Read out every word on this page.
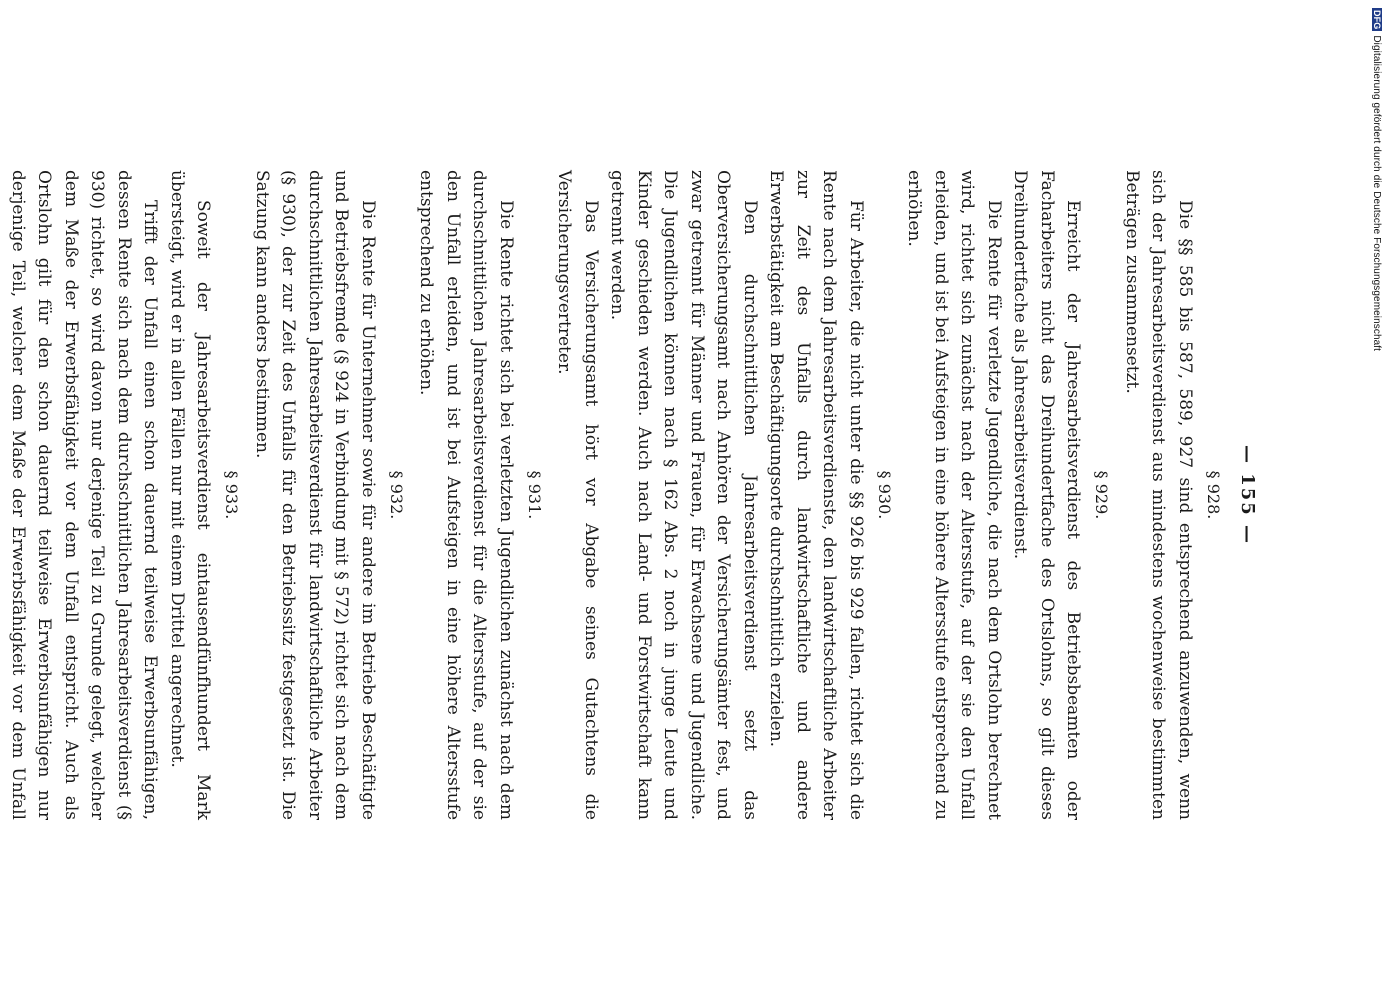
— 155 —
§ 928.

Die §§ 585 bis 587, 589, 927 sind entsprechend anzuwenden, wenn sich der Jahresarbeitsverdienst aus mindestens wochenweise bestimmten Beträgen zusammensetzt.

§ 929.

Erreicht der Jahresarbeitsverdienst des Betriebsbeamten oder Facharbeiters nicht das Dreihundertfache des Ortslohns, so gilt dieses Dreihundertfache als Jahresarbeitsverdienst.

Die Rente für verletzte Jugendliche, die nach dem Ortslohn berechnet wird, richtet sich zunächst nach der Altersstufe, auf der sie den Unfall erleiden, und ist bei Aufsteigen in eine höhere Altersstufe entsprechend zu erhöhen.

§ 930.

Für Arbeiter, die nicht unter die §§ 926 bis 929 fallen, richtet sich die Rente nach dem Jahresarbeitsverdienste, den landwirtschaftliche Arbeiter zur Zeit des Unfalls durch landwirtschaftliche und andere Erwerbstätigkeit am Beschäftigungsorte durchschnittlich erzielen.

Den durchschnittlichen Jahresarbeitsverdienst setzt das Oberversicherungsamt nach Anhören der Versicherungsämter fest, und zwar getrennt für Männer und Frauen, für Erwachsene und Jugendliche. Die Jugendlichen können nach § 162 Abs. 2 noch in junge Leute und Kinder geschieden werden. Auch nach Land- und Forstwirtschaft kann getrennt werden.

Das Versicherungsamt hört vor Abgabe seines Gutachtens die Versicherungsvertreter.

§ 931.

Die Rente richtet sich bei verletzten Jugendlichen zunächst nach dem durchschnittlichen Jahresarbeitsverdienst für die Altersstufe, auf der sie den Unfall erleiden, und ist bei Aufsteigen in eine höhere Altersstufe entsprechend zu erhöhen.

§ 932.

Die Rente für Unternehmer sowie für andere im Betriebe Beschäftigte und Betriebsfremde (§ 924 in Verbindung mit § 572) richtet sich nach dem durchschnittlichen Jahresarbeitsverdienst für landwirtschaftliche Arbeiter (§ 930), der zur Zeit des Unfalls für den Betriebssitz festgesetzt ist. Die Satzung kann anders bestimmen.

§ 933.

Soweit der Jahresarbeitsverdienst eintausendfünfhundert Mark übersteigt, wird er in allen Fällen nur mit einem Drittel angerechnet.

Trifft der Unfall einen schon dauernd teilweise Erwerbsunfähigen, dessen Rente sich nach dem durchschnittlichen Jahresarbeitsverdienst (§ 930) richtet, so wird davon nur derjenige Teil zu Grunde gelegt, welcher dem Maße der Erwerbsfähigkeit vor dem Unfall entspricht. Auch als Ortslohn gilt für den schon dauernd teilweise Erwerbsunfähigen nur derjenige Teil, welcher dem Maße der Erwerbsfähigkeit vor dem Unfall

DFGDigitalisierung gefördert durch die Deutsche Forschungsgemeinschaft
